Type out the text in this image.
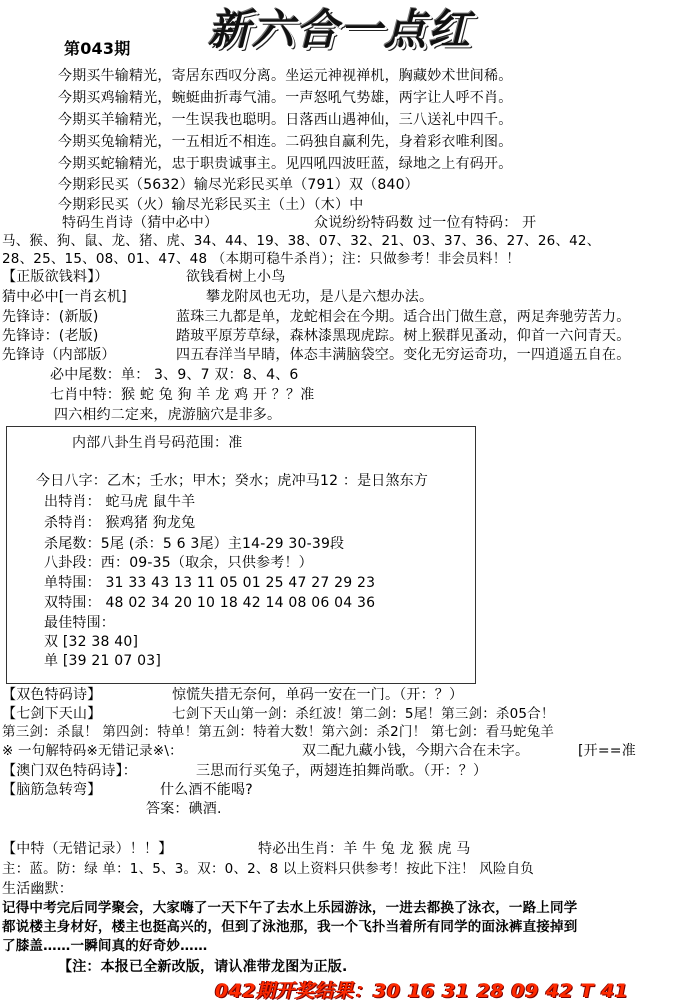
第043期	新六合一点红
今期买牛输精光，寄居东西叹分离。坐运元神视禅机，胸藏妙术世间稀。
今期买鸡输精光，蜿蜓曲折毒气浦。一声怒吼气势雄，两字让人呼不肖。
今期买羊输精光，一生误我也聪明。日落西山遇神仙，三八送礼中四千。
今期买兔输精光，一五相近不相连。二码独自赢利先，身着彩衣唯利图。
今期买蛇输精光，忠于职贵诚事主。见四吼四波旺蓝，绿地之上有码开。
今期彩民买（5632）输尽光彩民买单（791）双（840）
今期彩民买（火）输尽光彩民买主（土）（木）中
特码生肖诗（猜中必中）	众说纷纷特码数 过一位有特码： 开
马、猴、狗、鼠、龙、猪、虎、34、44、19、38、07、32、21、03、37、36、27、26、42、
28、25、15、08、01、47、48 （本期可稳牛杀肖）；注：只做参考！非会员料！！
【正版欲钱料】）	欲钱看树上小鸟
猜中必中[一肖玄机]	攀龙附凤也无功，是八是六想办法。
先锋诗：(新版)	蓝珠三九都是单，龙蛇相会在今期。适合出门做生意，两足奔驰劳苦力。
先锋诗：(老版)	踏玻平原芳草绿，森林漆黑现虎踪。树上猴群见蚤动，仰首一六问青天。
先锋诗（内部版）	四五春洋当早睛，体态丰满脑袋空。变化无穷运奇功，一四逍遥五自在。
必中尾数：单： 3、9、7 双：8、4、6
七肖中特：猴 蛇 兔 狗 羊 龙 鸡 开 ？？准
四六相约二定来，虎游脑穴是非多。
内部八卦生肖号码范围：准
今日八字：乙木；壬水；甲木；癸水；虎冲马12 ：是日煞东方
出特肖： 蛇马虎 鼠牛羊
杀特肖： 猴鸡猪 狗龙兔
杀尾数：5尾 (杀：5 6 3尾）主14-29 30-39段
八卦段：西：09-35（取余，只供参考！）
单特围： 31 33 43 13 11 05 01 25 47 27 29 23
双特围： 48 02 34 20 10 18 42 14 08 06 04 36
最佳特围：
双 [32 38 40]
单 [39 21 07 03]
【双色特码诗】	惊慌失措无奈何，单码一安在一门。（开：？）
【七剑下天山】	七剑下天山第一剑：杀红波！第二剑：5尾！第三剑：杀05合！
第三剑：杀鼠！ 第四剑：特单！第五剑：特着大数！第六剑：杀2门！ 第七剑：看马蛇兔羊
※ 一句解特码※无错记录※\：	双二配九藏小钱，今期六合在未字。	[开==准
【澳门双色特码诗】：	三思而行买兔子，两翅连拍舞尚歌。（开：？）
【脑筋急转弯】	什么酒不能喝?
答案：碘酒.
【中特（无错记录）！！】	特必出生肖：羊 牛 兔 龙 猴 虎 马
主：蓝。防：绿 单：1、5、3。双：0、2、8 以上资料只供参考！按此下注！ 风险自负
生活幽默：
记得中考完后同学聚会，大家嗨了一天下午了去水上乐园游泳，一进去都换了泳衣，一路上同学
都说楼主身材好，楼主也挺高兴的，但到了泳池那，我一个飞扑当着所有同学的面泳裤直接掉到
了膝盖……一瞬间真的好奇妙……
【注：本报已全新改版，请认准带龙图为正版.
042期开奖结果：30 16 31 28 09 42 T 41
